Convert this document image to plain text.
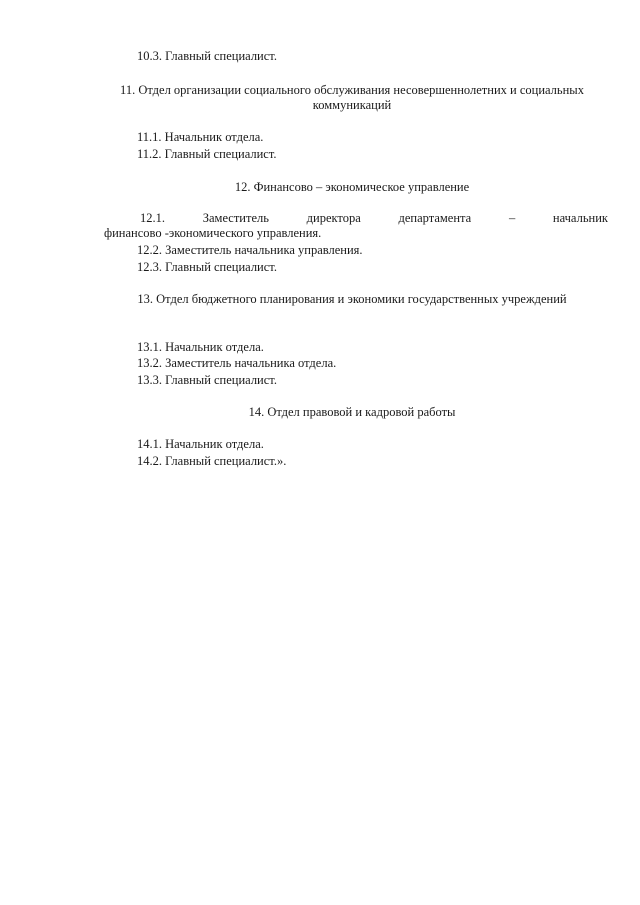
10.3. Главный специалист.
11. Отдел организации социального обслуживания несовершеннолетних и социальных коммуникаций
11.1. Начальник отдела.
11.2. Главный специалист.
12. Финансово – экономическое управление
12.1.	Заместитель	директора	департамента	–	начальник
финансово -экономического управления.
12.2. Заместитель начальника управления.
12.3. Главный специалист.
13. Отдел бюджетного планирования и экономики государственных учреждений
13.1. Начальник отдела.
13.2. Заместитель начальника отдела.
13.3. Главный специалист.
14. Отдел правовой и кадровой работы
14.1. Начальник отдела.
14.2. Главный специалист.».
